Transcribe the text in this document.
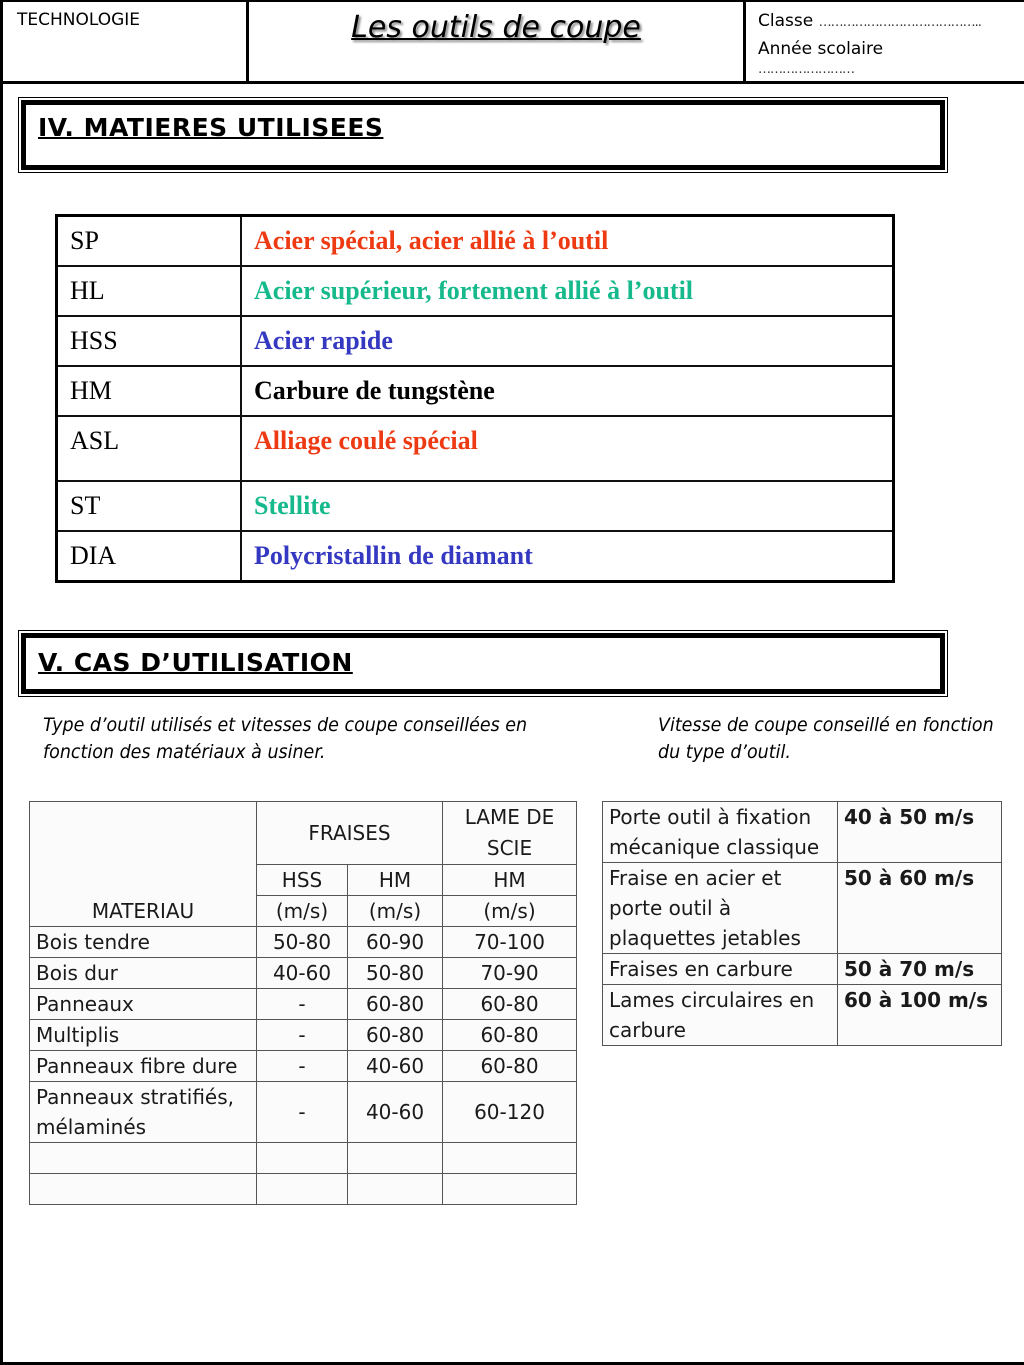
TECHNOLOGIE	Les outils de coupe	Classe …………………………………..
Année scolaire
……………………
IV. MATIERES UTILISEES
SP	Acier spécial, acier allié à l’outil
HL	Acier supérieur, fortement allié à l’outil
HSS	Acier rapide
HM	Carbure de tungstène
ASL	Alliage coulé spécial
ST	Stellite
DIA	Polycristallin de diamant
V. CAS D’UTILISATION
Type d’outil utilisés et vitesses de coupe conseillées en fonction des matériaux à usiner.
Vitesse de coupe conseillé en fonction du type d’outil.
	FRAISES		LAME DE SCIE
	HSS	HM	HM
MATERIAU	(m/s)	(m/s)	(m/s)
Bois tendre	50-80	60-90	70-100
Bois dur	40-60	50-80	70-90
Panneaux	-	60-80	60-80
Multiplis	-	60-80	60-80
Panneaux fibre dure	-	40-60	60-80
Panneaux stratifiés, mélaminés	-	40-60	60-120

Porte outil à fixation mécanique classique	40 à 50 m/s
Fraise en acier et porte outil à plaquettes jetables	50 à 60 m/s
Fraises en carbure	50 à 70 m/s
Lames circulaires en carbure	60 à 100 m/s
